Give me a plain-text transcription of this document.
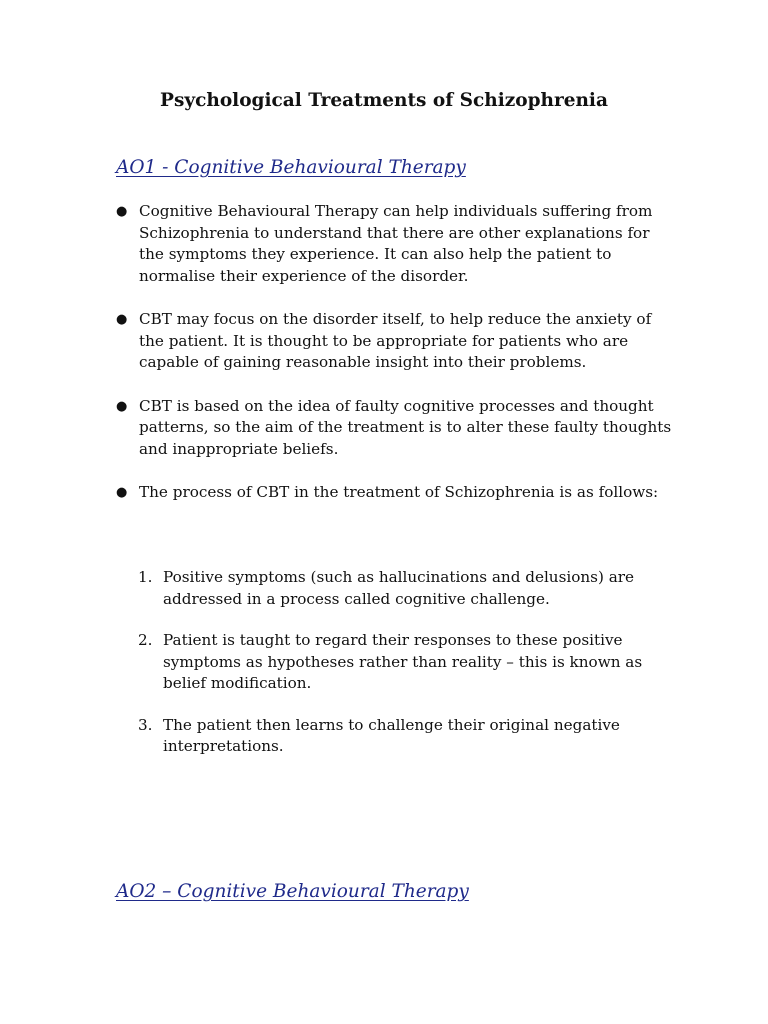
Psychological Treatments of Schizophrenia
AO1 - Cognitive Behavioural Therapy
● Cognitive Behavioural Therapy can help individuals suffering from Schizophrenia to understand that there are other explanations for the symptoms they experience. It can also help the patient to normalise their experience of the disorder.
● CBT may focus on the disorder itself, to help reduce the anxiety of the patient. It is thought to be appropriate for patients who are capable of gaining reasonable insight into their problems.
● CBT is based on the idea of faulty cognitive processes and thought patterns, so the aim of the treatment is to alter these faulty thoughts and inappropriate beliefs.
● The process of CBT in the treatment of Schizophrenia is as follows:
1. Positive symptoms (such as hallucinations and delusions) are addressed in a process called cognitive challenge.
2. Patient is taught to regard their responses to these positive symptoms as hypotheses rather than reality – this is known as belief modification.
3. The patient then learns to challenge their original negative interpretations.
AO2 – Cognitive Behavioural Therapy
